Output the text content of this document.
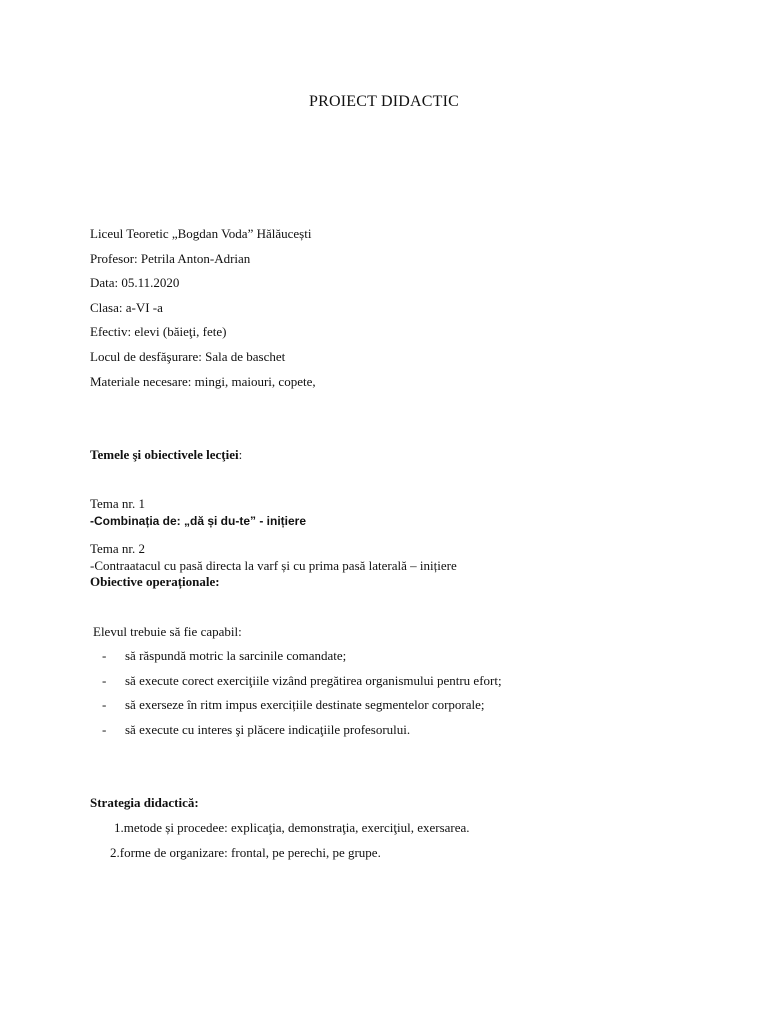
PROIECT DIDACTIC
Liceul Teoretic „Bogdan Voda” Hălăucești
Profesor: Petrila Anton-Adrian
Data: 05.11.2020
Clasa: a-VI -a
Efectiv: elevi (băieţi, fete)
Locul de desfăşurare: Sala de baschet
Materiale necesare: mingi, maiouri, copete,
Temele şi obiectivele lecţiei:
Tema nr. 1
-Combinația de: „dă și du-te” - inițiere
Tema nr. 2
-Contraatacul cu pasă directa la varf și cu prima pasă laterală – inițiere
Obiective operaționale:
Elevul trebuie să fie capabil:
- să răspundă motric la sarcinile comandate;
- să execute corect exerciţiile vizând pregătirea organismului pentru efort;
- să exerseze în ritm impus exercițiile destinate segmentelor corporale;
- să execute cu interes şi plăcere indicaţiile profesorului.
Strategia didactică:
1.metode și procedee: explicaţia, demonstraţia, exerciţiul, exersarea.
2.forme de organizare: frontal, pe perechi, pe grupe.
